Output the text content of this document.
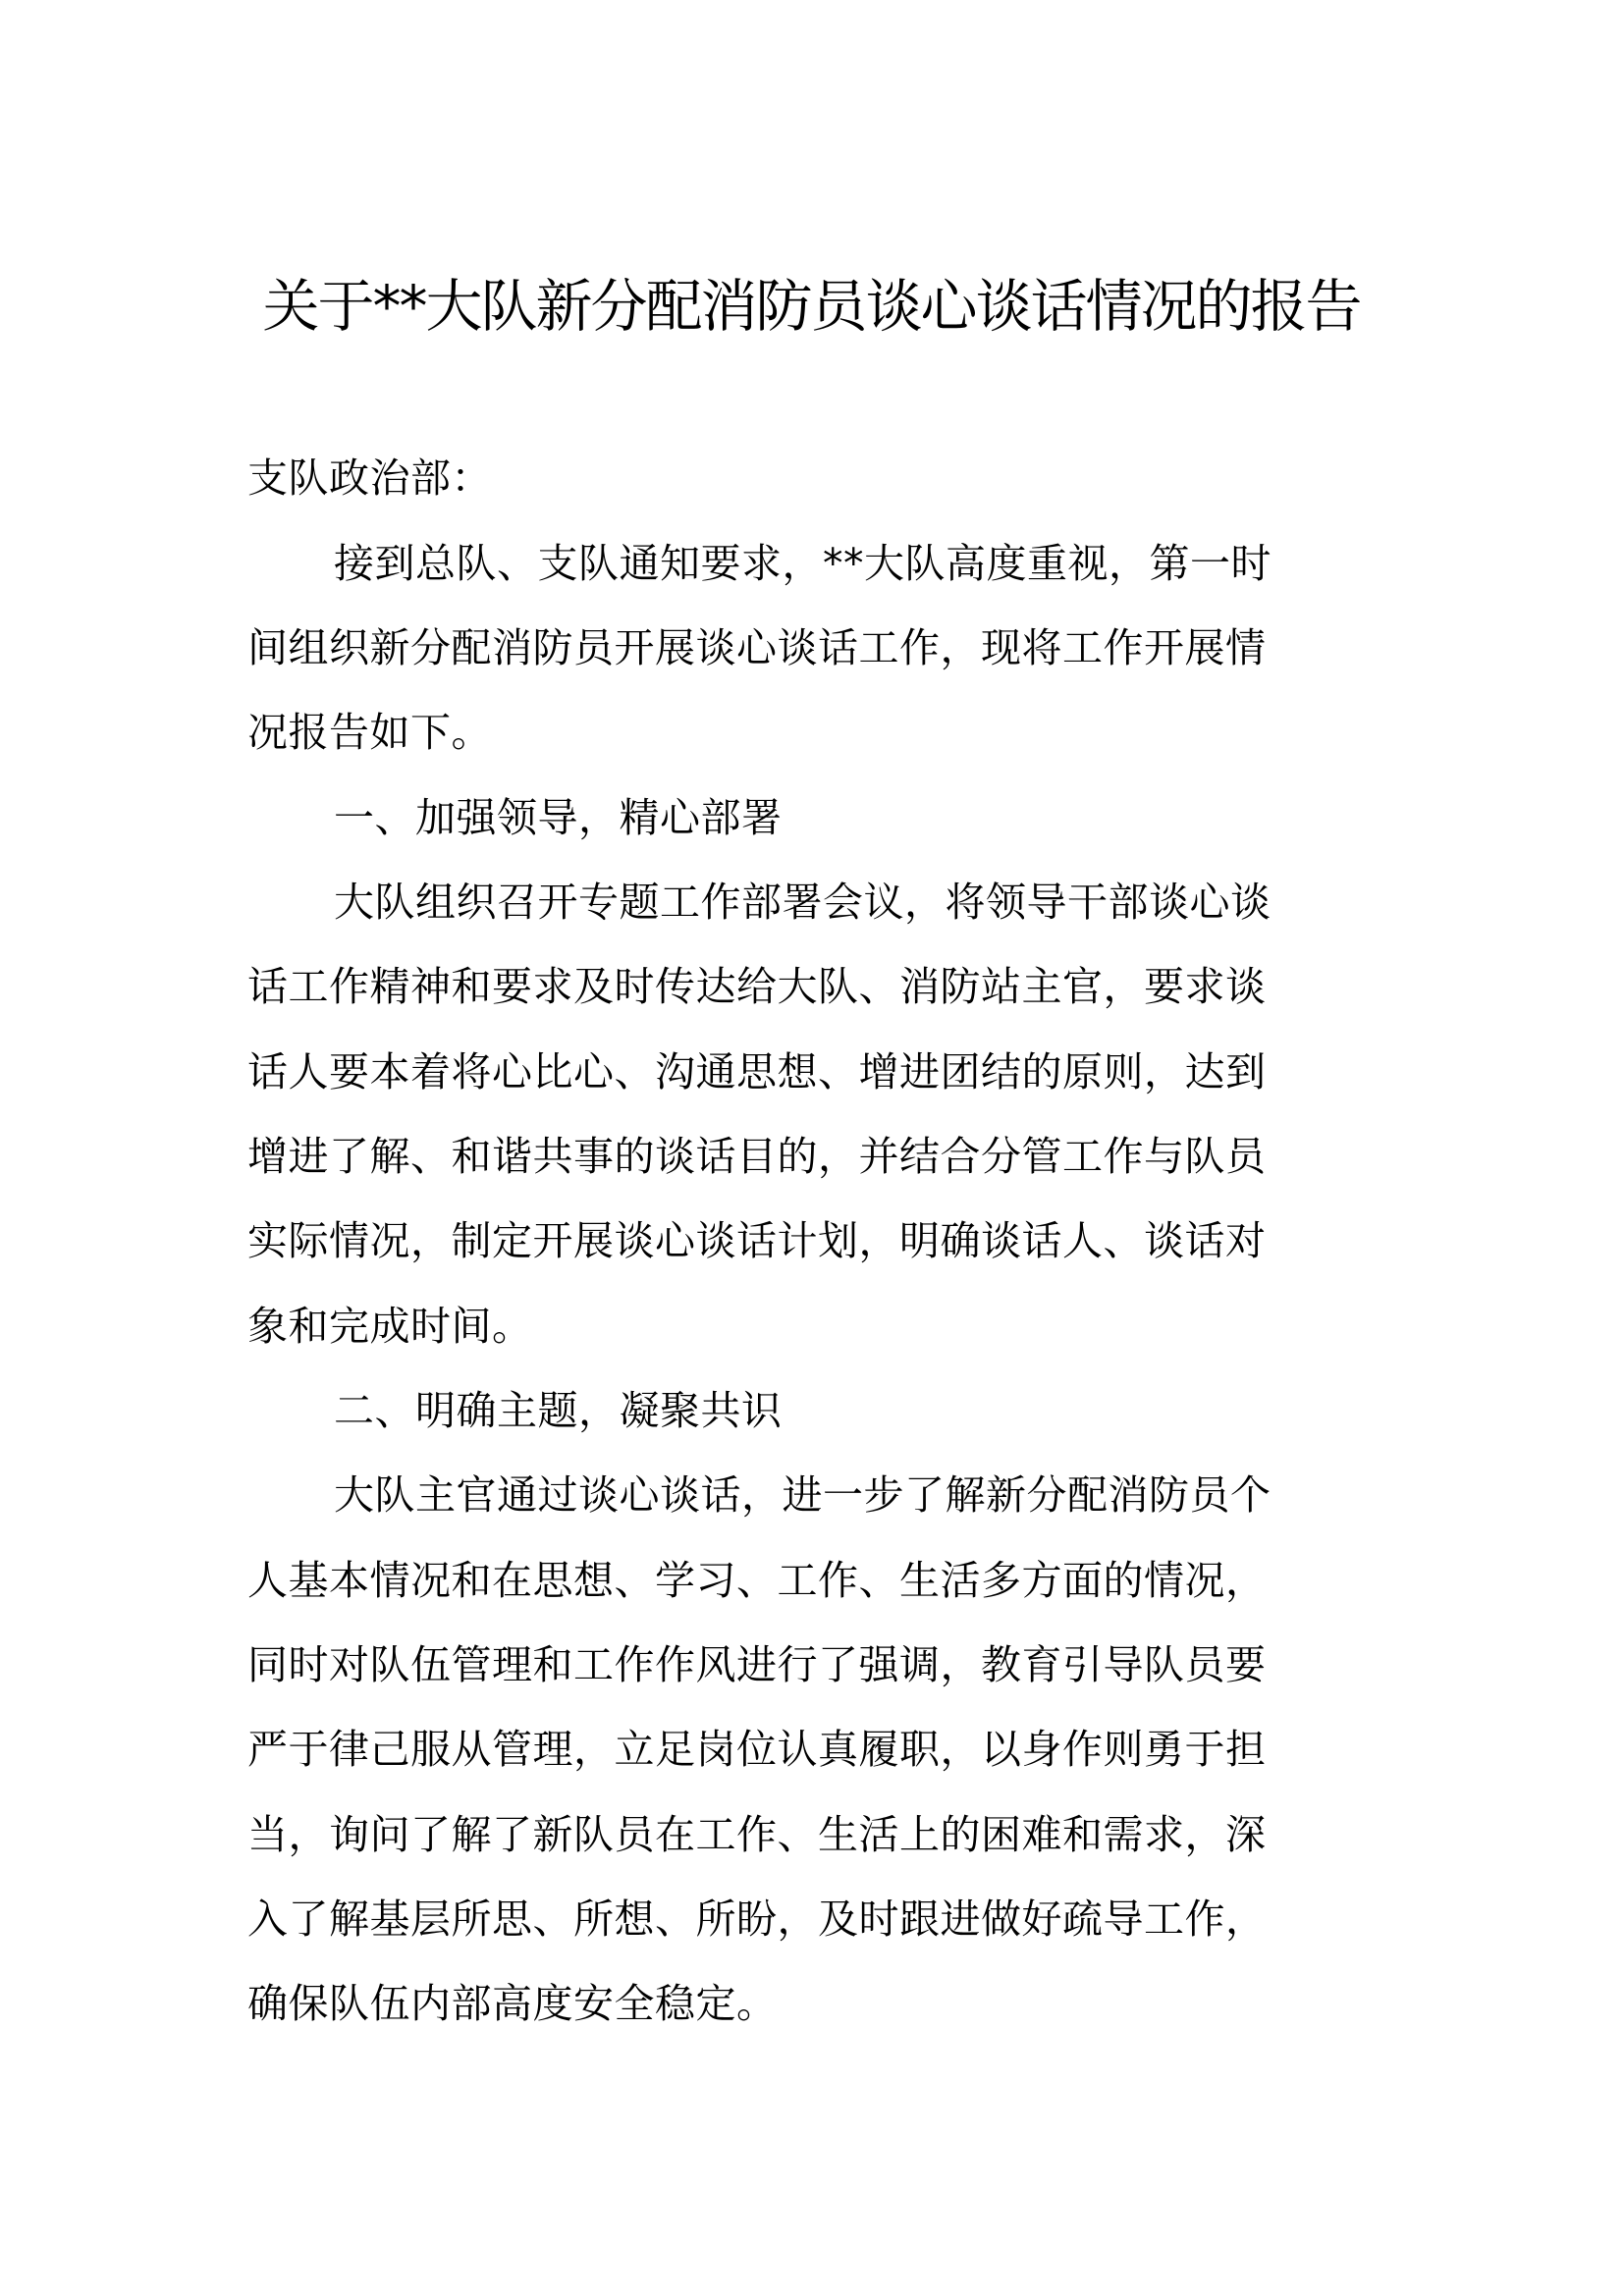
关于**大队新分配消防员谈心谈话情况的报告
支队政治部：
接到总队、支队通知要求，**大队高度重视，第一时
间组织新分配消防员开展谈心谈话工作，现将工作开展情
况报告如下。
一、加强领导，精心部署
大队组织召开专题工作部署会议，将领导干部谈心谈
话工作精神和要求及时传达给大队、消防站主官，要求谈
话人要本着将心比心、沟通思想、增进团结的原则，达到
增进了解、和谐共事的谈话目的，并结合分管工作与队员
实际情况，制定开展谈心谈话计划，明确谈话人、谈话对
象和完成时间。
二、明确主题，凝聚共识
大队主官通过谈心谈话，进一步了解新分配消防员个
人基本情况和在思想、学习、工作、生活多方面的情况，
同时对队伍管理和工作作风进行了强调，教育引导队员要
严于律己服从管理，立足岗位认真履职，以身作则勇于担
当，询问了解了新队员在工作、生活上的困难和需求，深
入了解基层所思、所想、所盼，及时跟进做好疏导工作，
确保队伍内部高度安全稳定。
